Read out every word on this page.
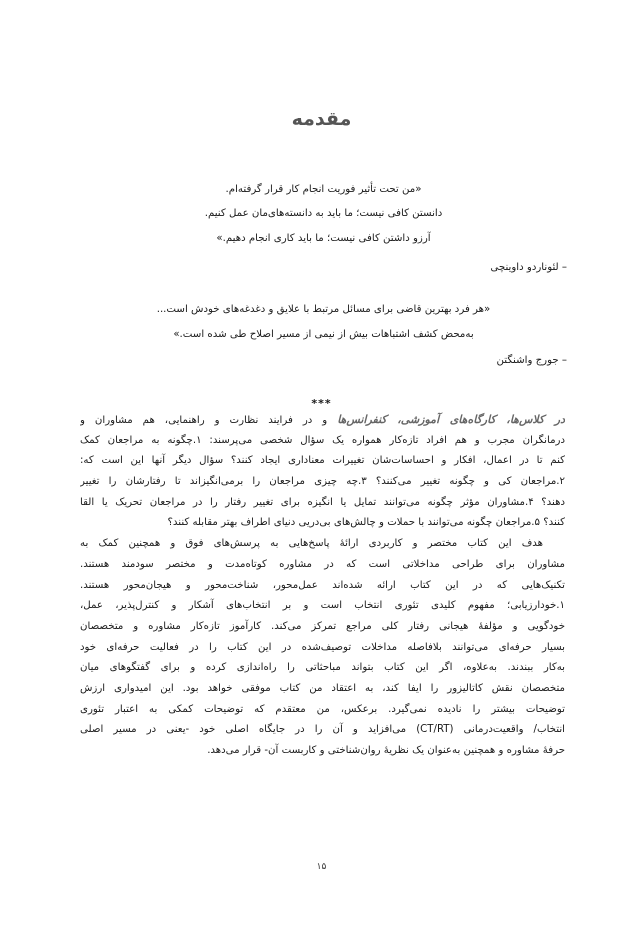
مقدمه
«من تحت تأثیر فوریت انجام کار قرار گرفته‌ام.
دانستن کافی نیست؛ ما باید به دانسته‌های‌مان عمل کنیم.
آرزو داشتن کافی نیست؛ ما باید کاری انجام دهیم.»
– لئوناردو داوینچی
«هر فرد بهترین قاضی برای مسائل مرتبط با علایق و دغدغه‌های خودش است...
به‌محض کشف اشتباهات بیش از نیمی از مسیر اصلاح طی شده است.»
– جورج واشنگتن
***
در کلاس‌ها، کارگاه‌های آموزشی، کنفرانس‌ها و در فرایند نظارت و راهنمایی، هم مشاوران و
درمانگران مجرب و هم افراد تازه‌کار همواره یک سؤال شخصی می‌پرسند: ۱.چگونه به مراجعان کمک
کنم تا در اعمال، افکار و احساسات‌شان تغییرات معناداری ایجاد کنند؟ سؤال دیگر آنها این است که:
۲.مراجعان کی و چگونه تغییر می‌کنند؟ ۳.چه چیزی مراجعان را برمی‌انگیزاند تا رفتارشان را تغییر
دهند؟ ۴.مشاوران مؤثر چگونه می‌توانند تمایل یا انگیزه برای تغییر رفتار را در مراجعان تحریک یا القا
کنند؟ ۵.مراجعان چگونه می‌توانند با حملات و چالش‌های بی‌دریی دنیای اطراف بهتر مقابله کنند؟
هدف این کتاب مختصر و کاربردی ارائهٔ پاسخ‌هایی به پرسش‌های فوق و همچنین کمک به
مشاوران برای طراحی مداخلاتی است که در مشاوره کوتاه‌مدت و مختصر سودمند هستند.
تکنیک‌هایی که در این کتاب ارائه شده‌اند عمل‌محور، شناخت‌محور و هیجان‌محور هستند.
۱.خودارزیابی؛ مفهوم کلیدی تئوری انتخاب است و بر انتخاب‌های آشکار و کنترل‌پذیر، عمل،
خودگویی و مؤلفهٔ هیجانی رفتار کلی مراجع تمرکز می‌کند. کارآموز تازه‌کار مشاوره و متخصصان
بسیار حرفه‌ای می‌توانند بلافاصله مداخلات توصیف‌شده در این کتاب را در فعالیت حرفه‌ای خود
به‌کار ببندند. به‌علاوه، اگر این کتاب بتواند مباحثاتی را راه‌اندازی کرده و برای گفتگوهای میان
متخصصان نقش کاتالیزور را ایفا کند، به اعتقاد من کتاب موفقی خواهد بود. این امیدواری ارزش
توضیحات بیشتر را نادیده نمی‌گیرد. برعکس، من معتقدم که توضیحات کمکی به اعتبار تئوری
انتخاب/ واقعیت‌درمانی (CT/RT) می‌افزاید و آن را در جایگاه اصلی خود -یعنی در مسیر اصلی
حرفهٔ مشاوره و همچنین به‌عنوان یک نظریهٔ روان‌شناختی و کاربست آن- قرار می‌دهد.
۱۵
